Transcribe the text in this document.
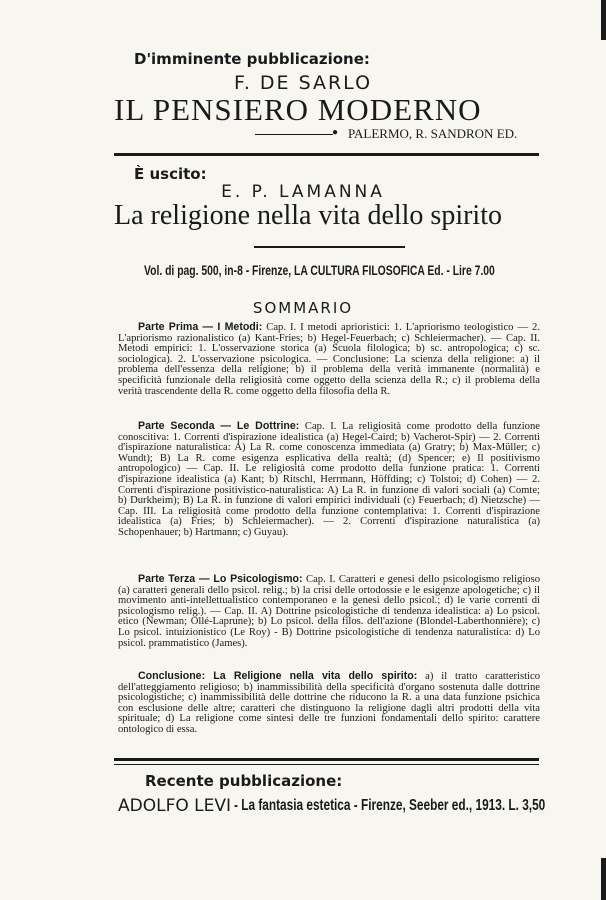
D'imminente pubblicazione:
F. DE SARLO
IL PENSIERO MODERNO
● PALERMO, R. SANDRON ED.
È uscito:
E. P. LAMANNA
La religione nella vita dello spirito
Vol. di pag. 500, in-8 - Firenze, LA CULTURA FILOSOFICA Ed. - Lire 7.00
SOMMARIO
Parte Prima — I Metodi: Cap. I. I metodi aprioristici: 1. L'apriorismo teologistico — 2. L'apriorismo razionalistico (a) Kant-Fries; b) Hegel-Feuerbach; c) Schleiermacher). — Cap. II. Metodi empirici: 1. L'osservazione storica (a) Scuola filologica; b) sc. antropologica; c) sc. sociologica). 2. L'osservazione psicologica. — Conclusione: La scienza della religione: a) il problema dell'essenza della religione; b) il problema della verità immanente (normalità) e specificità funzionale della religiosità come oggetto della scienza della R.; c) il problema della verità trascendente della R. come oggetto della filosofia della R.
Parte Seconda — Le Dottrine: Cap. I. La religiosità come prodotto della funzione conoscitiva: 1. Correnti d'ispirazione idealistica (a) Hegel-Caird; b) Vacherot-Spir) — 2. Correnti d'ispirazione naturalistica: A) La R. come conoscenza immediata (a) Gratry; b) Max-Müller; c) Wundt); B) La R. come esigenza esplicativa della realtà; (d) Spencer; e) Il positivismo antropologico) — Cap. II. Le religiosità come prodotto della funzione pratica: 1. Correnti d'ispirazione idealistica (a) Kant; b) Ritschl, Herrmann, Höffding; c) Tolstoi; d) Cohen) — 2. Correnti d'ispirazione positivistico-naturalistica: A) La R. in funzione di valori sociali (a) Comte; b) Durkheim); B) La R. in funzione di valori empirici individuali (c) Feuerbach; d) Nietzsche) — Cap. III. La religiosità come prodotto della funzione contemplativa: 1. Correnti d'ispirazione idealistica (a) Fries; b) Schleiermacher). — 2. Correnti d'ispirazione naturalistica (a) Schopenhauer; b) Hartmann; c) Guyau).
Parte Terza — Lo Psicologismo: Cap. I. Caratteri e genesi dello psicologismo religioso (a) caratteri generali dello psicol. relig.; b) la crisi delle ortodossie e le esigenze apologetiche; c) il movimento anti-intellettualistico contemporaneo e la genesi dello psicol.; d) le varie correnti di psicologismo relig.). — Cap. II. A) Dottrine psicologistiche di tendenza idealistica: a) Lo psicol. etico (Newman; Ollé-Laprune); b) Lo psicol. della filos. dell'azione (Blondel-Laberthonnière); c) Lo psicol. intuizionistico (Le Roy) - B) Dottrine psicologistiche di tendenza naturalistica: d) Lo psicol. prammatistico (James).
Conclusione: La Religione nella vita dello spirito: a) il tratto caratteristico dell'atteggiamento religioso; b) inammissibilità della specificità d'organo sostenuta dalle dottrine psicologistiche; c) inammissibilità delle dottrine che riducono la R. a una data funzione psichica con esclusione delle altre; caratteri che distinguono la religione dagli altri prodotti della vita spirituale; d) La religione come sintesi delle tre funzioni fondamentali dello spirito: carattere ontologico di essa.
Recente pubblicazione:
ADOLFO LEVI - La fantasia estetica - Firenze, Seeber ed., 1913. L. 3,50
